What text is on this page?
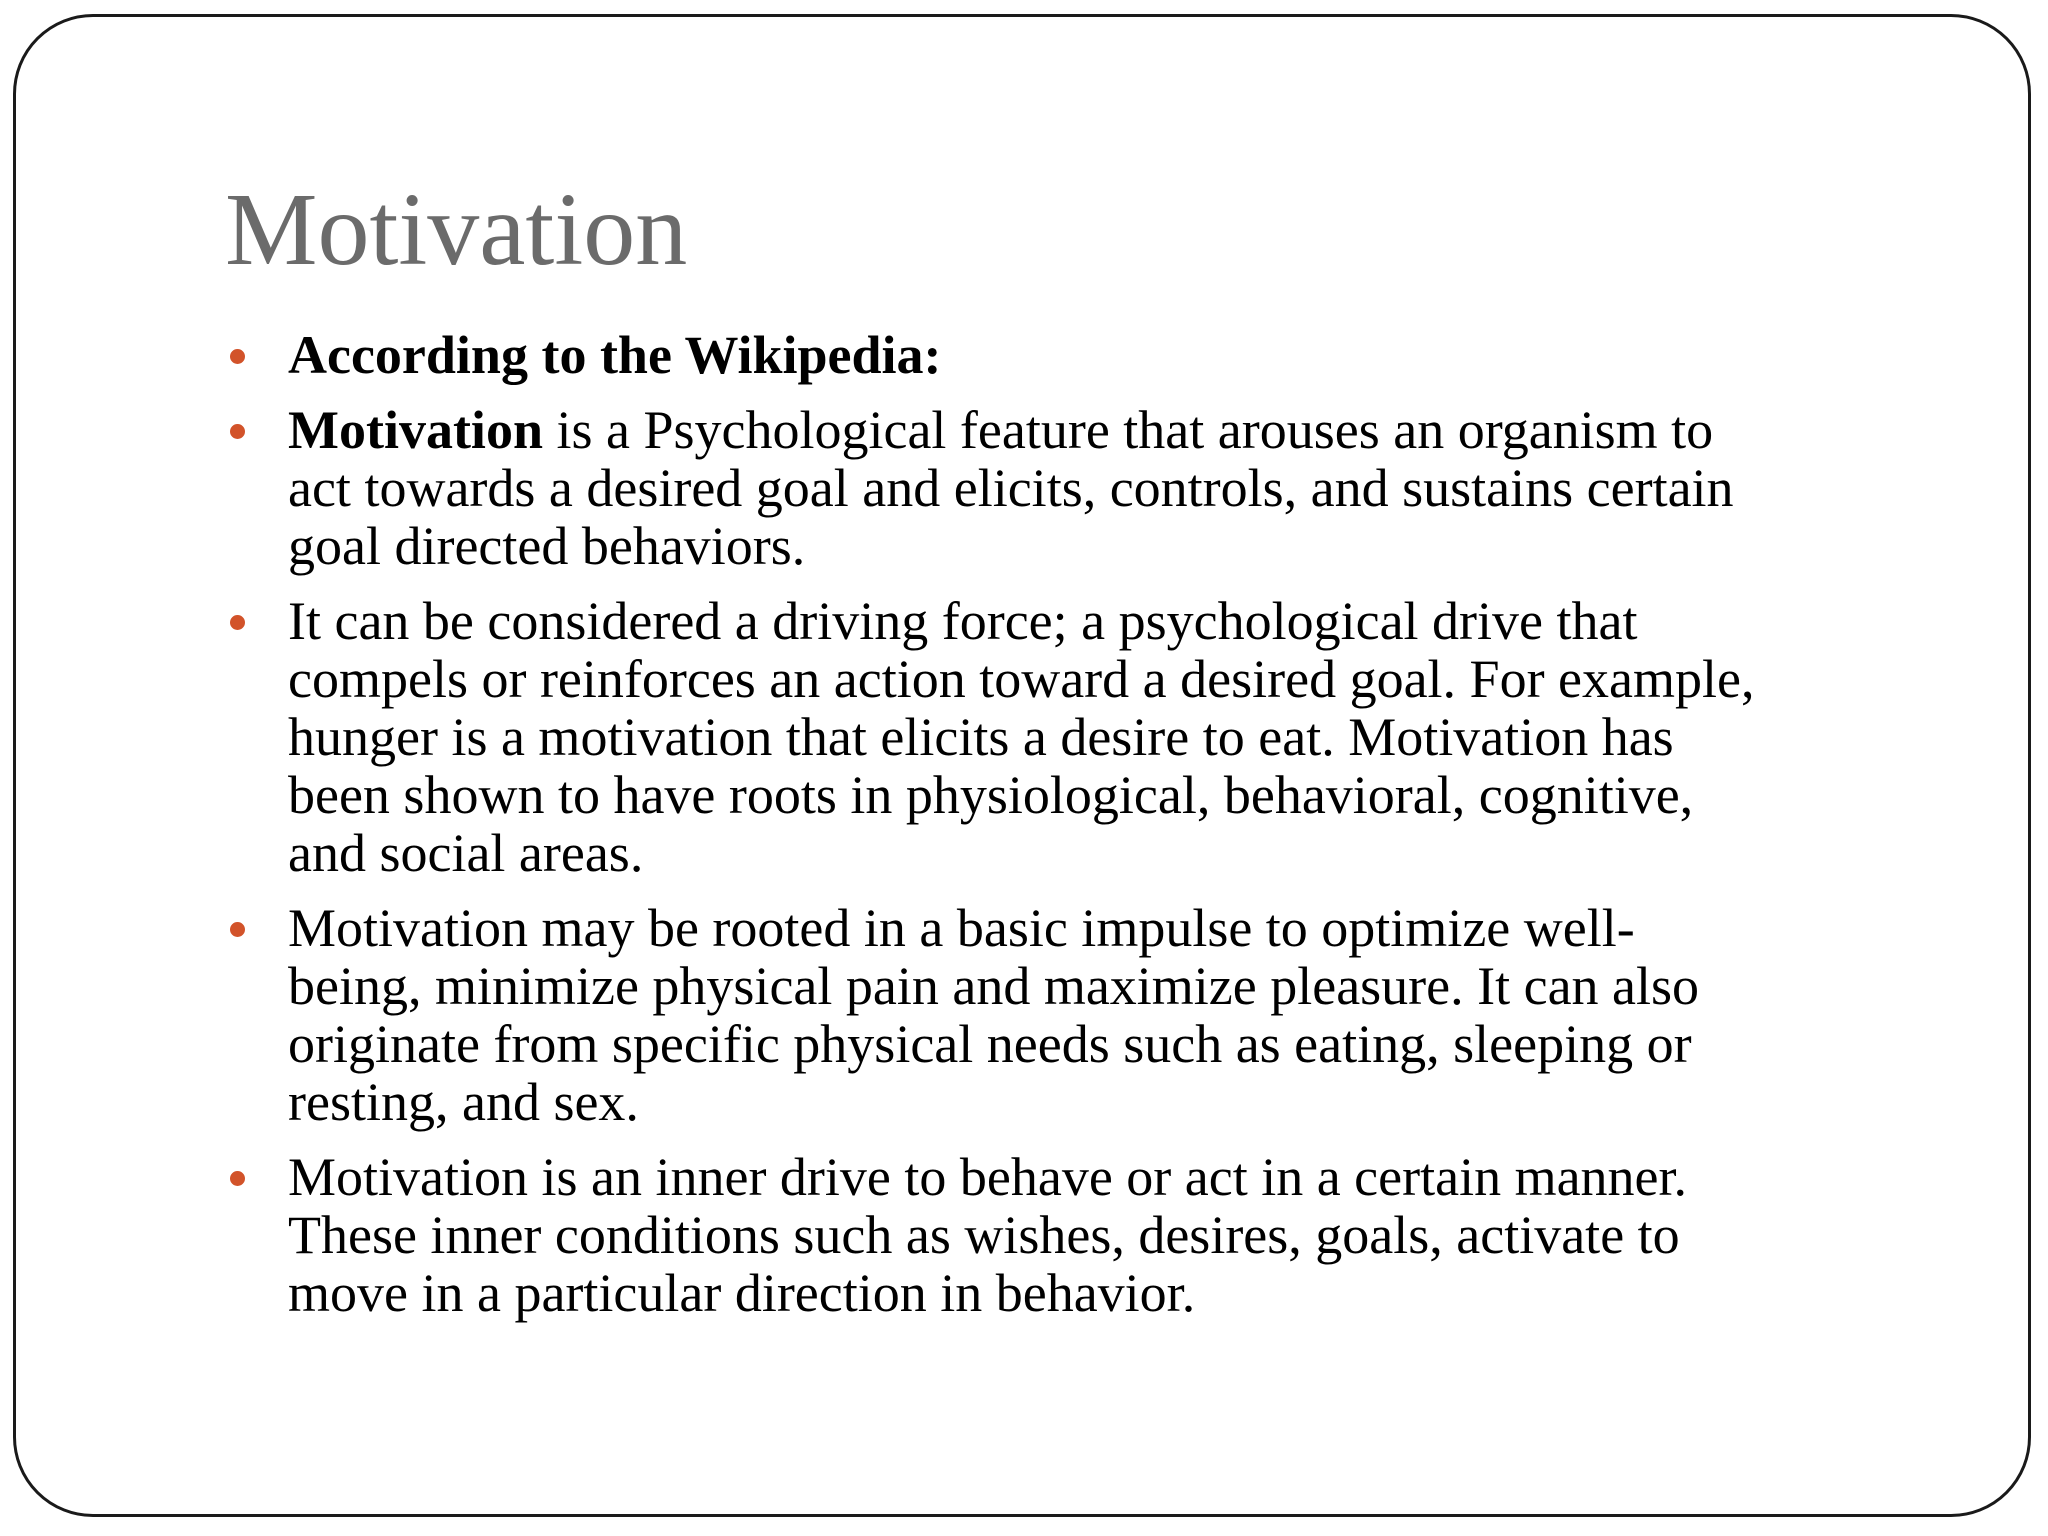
Motivation
According to the Wikipedia:
Motivation is a Psychological feature that arouses an organism to
act towards a desired goal and elicits, controls, and sustains certain
goal directed behaviors.
It can be considered a driving force; a psychological drive that
compels or reinforces an action toward a desired goal. For example,
hunger is a motivation that elicits a desire to eat. Motivation has
been shown to have roots in physiological, behavioral, cognitive,
and social areas.
Motivation may be rooted in a basic impulse to optimize well-
being, minimize physical pain and maximize pleasure. It can also
originate from specific physical needs such as eating, sleeping or
resting, and sex.
Motivation is an inner drive to behave or act in a certain manner.
These inner conditions such as wishes, desires, goals, activate to
move in a particular direction in behavior.
